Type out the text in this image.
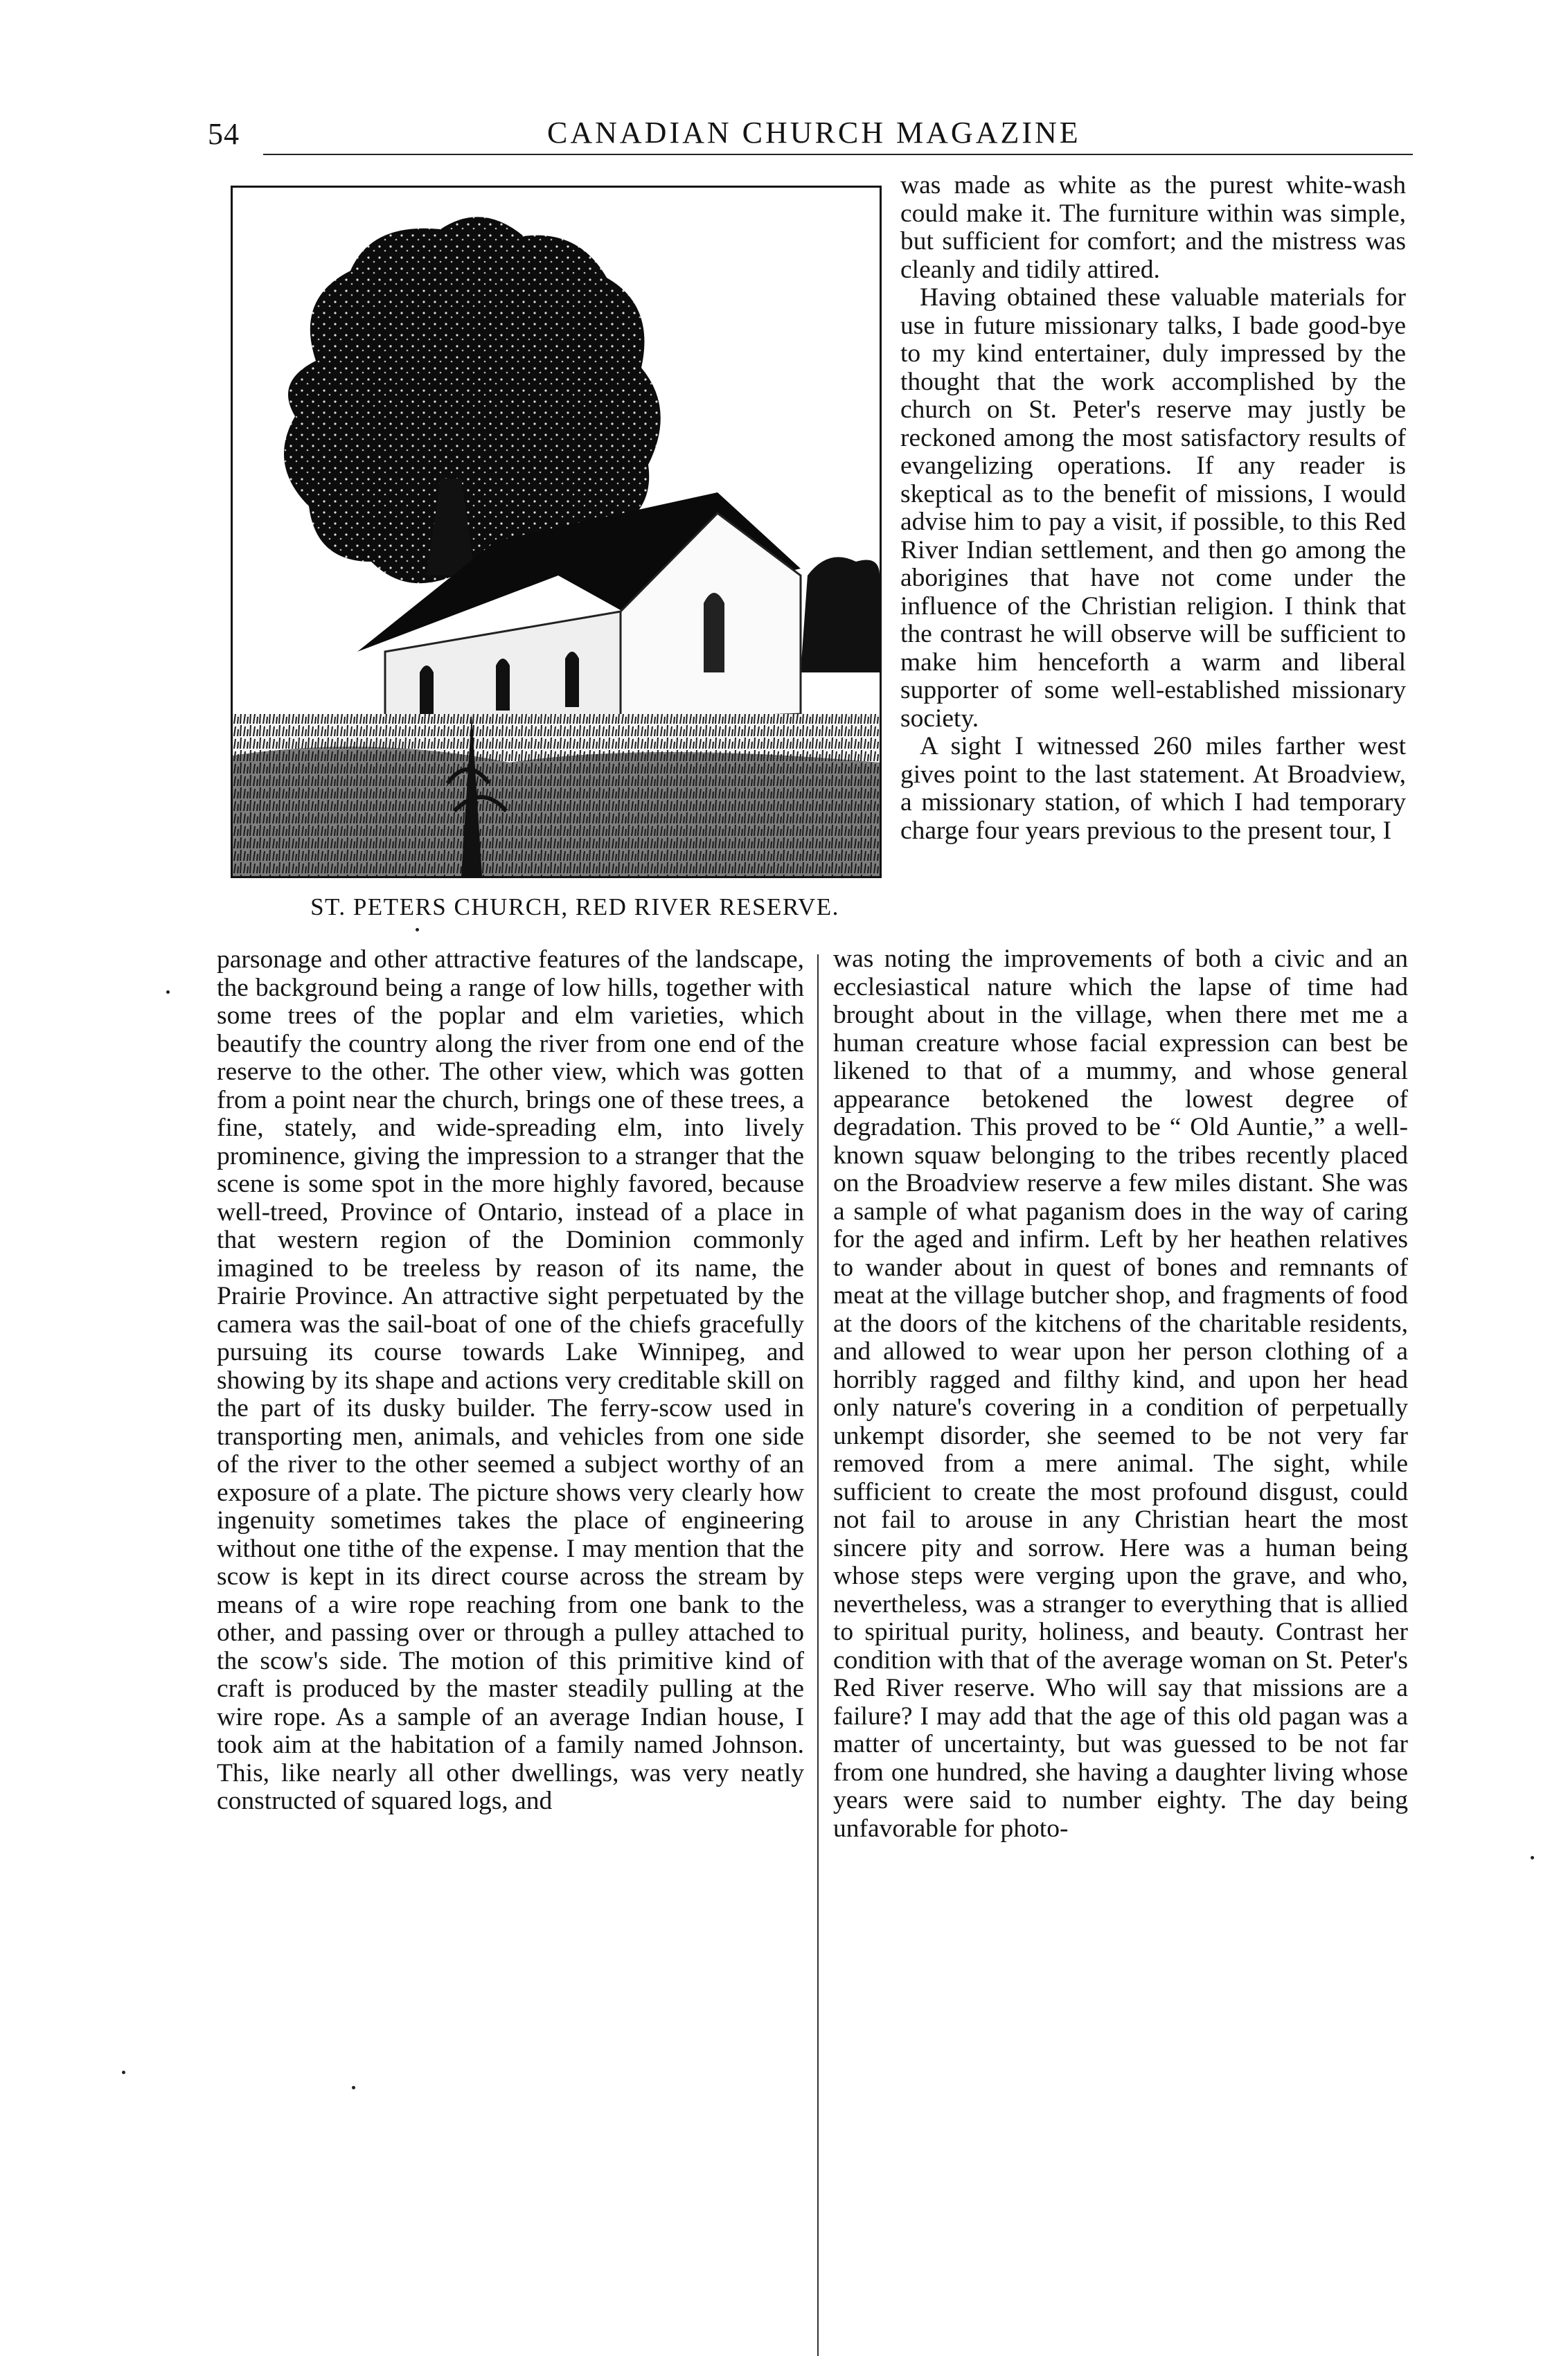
54	CANADIAN CHURCH MAGAZINE
ST. PETERS CHURCH, RED RIVER RESERVE.

was made as white as the purest white-wash could make it. The furniture within was simple, but sufficient for comfort; and the mistress was cleanly and tidily attired.

Having obtained these valuable materials for use in future missionary talks, I bade good-bye to my kind entertainer, duly impressed by the thought that the work accomplished by the church on St. Peter's reserve may justly be reckoned among the most satisfactory results of evangelizing operations. If any reader is skeptical as to the benefit of missions, I would advise him to pay a visit, if possible, to this Red River Indian settlement, and then go among the aborigines that have not come under the influence of the Christian religion. I think that the contrast he will observe will be sufficient to make him henceforth a warm and liberal supporter of some well-established missionary society.

A sight I witnessed 260 miles farther west gives point to the last statement. At Broadview, a missionary station, of which I had temporary charge four years previous to the present tour, I

parsonage and other attractive features of the landscape, the background being a range of low hills, together with some trees of the poplar and elm varieties, which beautify the country along the river from one end of the reserve to the other. The other view, which was gotten from a point near the church, brings one of these trees, a fine, stately, and wide-spreading elm, into lively prominence, giving the impression to a stranger that the scene is some spot in the more highly favored, because well-treed, Province of Ontario, instead of a place in that western region of the Dominion commonly imagined to be treeless by reason of its name, the Prairie Province. An attractive sight perpetuated by the camera was the sail-boat of one of the chiefs gracefully pursuing its course towards Lake Winnipeg, and showing by its shape and actions very creditable skill on the part of its dusky builder. The ferry-scow used in transporting men, animals, and vehicles from one side of the river to the other seemed a subject worthy of an exposure of a plate. The picture shows very clearly how ingenuity sometimes takes the place of engineering without one tithe of the expense. I may mention that the scow is kept in its direct course across the stream by means of a wire rope reaching from one bank to the other, and passing over or through a pulley attached to the scow's side. The motion of this primitive kind of craft is produced by the master steadily pulling at the wire rope. As a sample of an average Indian house, I took aim at the habitation of a family named Johnson. This, like nearly all other dwellings, was very neatly constructed of squared logs, and

was noting the improvements of both a civic and an ecclesiastical nature which the lapse of time had brought about in the village, when there met me a human creature whose facial expression can best be likened to that of a mummy, and whose general appearance betokened the lowest degree of degradation. This proved to be “ Old Auntie,” a well-known squaw belonging to the tribes recently placed on the Broadview reserve a few miles distant. She was a sample of what paganism does in the way of caring for the aged and infirm. Left by her heathen relatives to wander about in quest of bones and remnants of meat at the village butcher shop, and fragments of food at the doors of the kitchens of the charitable residents, and allowed to wear upon her person clothing of a horribly ragged and filthy kind, and upon her head only nature's covering in a condition of perpetually unkempt disorder, she seemed to be not very far removed from a mere animal. The sight, while sufficient to create the most profound disgust, could not fail to arouse in any Christian heart the most sincere pity and sorrow. Here was a human being whose steps were verging upon the grave, and who, nevertheless, was a stranger to everything that is allied to spiritual purity, holiness, and beauty. Contrast her condition with that of the average woman on St. Peter's Red River reserve. Who will say that missions are a failure? I may add that the age of this old pagan was a matter of uncertainty, but was guessed to be not far from one hundred, she having a daughter living whose years were said to number eighty. The day being unfavorable for photo-
